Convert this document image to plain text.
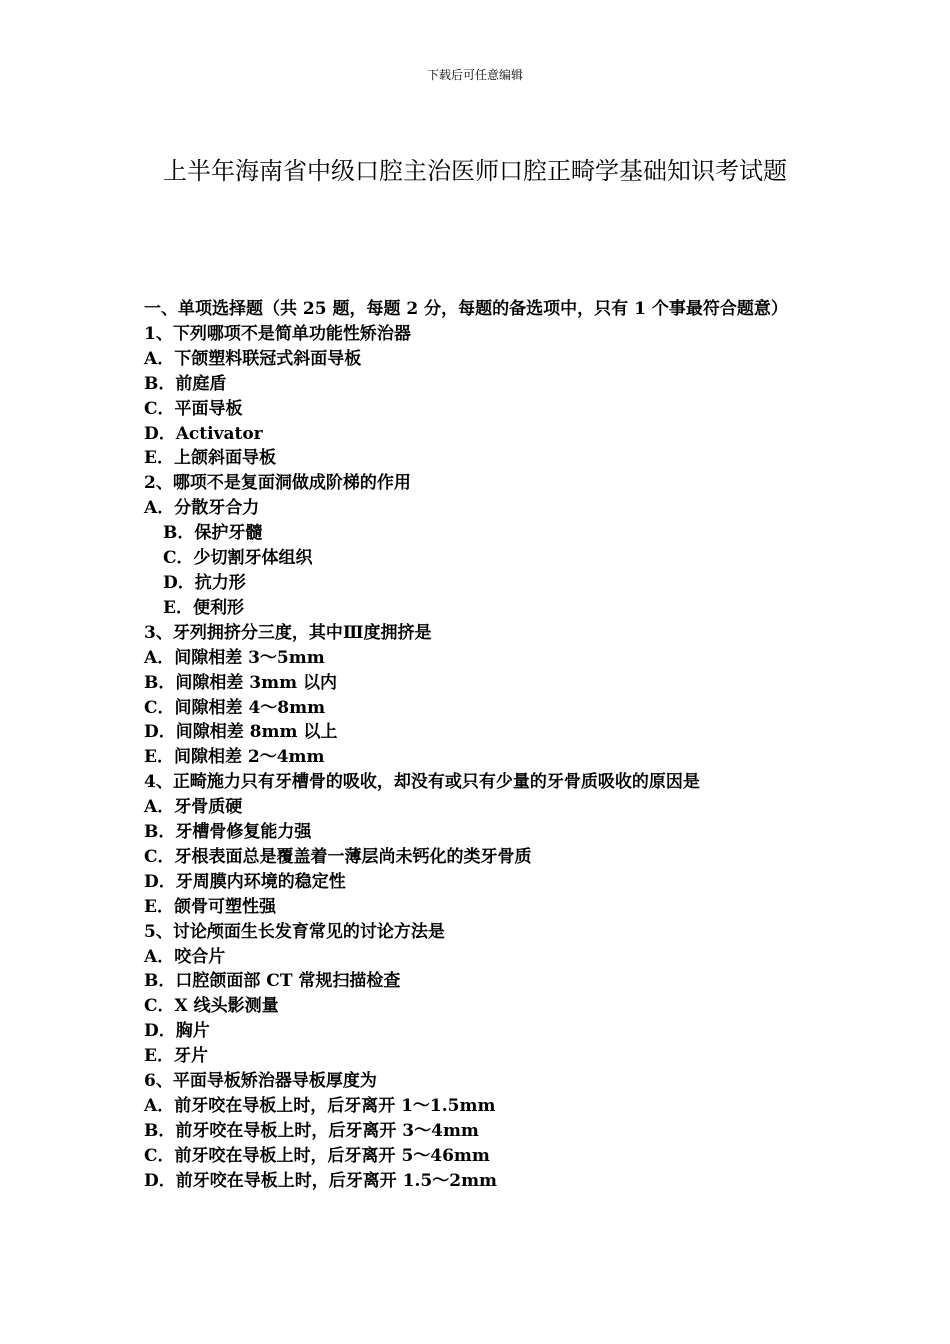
下载后可任意编辑
上半年海南省中级口腔主治医师口腔正畸学基础知识考试题

一、单项选择题（共 25 题，每题 2 分，每题的备选项中，只有 1 个事最符合题意）

1、下列哪项不是简单功能性矫治器

A．下颌塑料联冠式斜面导板

B．前庭盾

C．平面导板

D．Activator

E．上颌斜面导板

2、哪项不是复面洞做成阶梯的作用

A．分散牙合力

B．保护牙髓

C．少切割牙体组织

D．抗力形

E．便利形

3、牙列拥挤分三度，其中Ⅲ度拥挤是

A．间隙相差 3～5mm

B．间隙相差 3mm 以内

C．间隙相差 4～8mm

D．间隙相差 8mm 以上

E．间隙相差 2～4mm

4、正畸施力只有牙槽骨的吸收，却没有或只有少量的牙骨质吸收的原因是

A．牙骨质硬

B．牙槽骨修复能力强

C．牙根表面总是覆盖着一薄层尚未钙化的类牙骨质

D．牙周膜内环境的稳定性

E．颌骨可塑性强

5、讨论颅面生长发育常见的讨论方法是

A．咬合片

B．口腔颌面部 CT 常规扫描检查

C．X 线头影测量

D．胸片

E．牙片

6、平面导板矫治器导板厚度为

A．前牙咬在导板上时，后牙离开 1～1.5mm

B．前牙咬在导板上时，后牙离开 3～4mm

C．前牙咬在导板上时，后牙离开 5～46mm

D．前牙咬在导板上时，后牙离开 1.5～2mm
